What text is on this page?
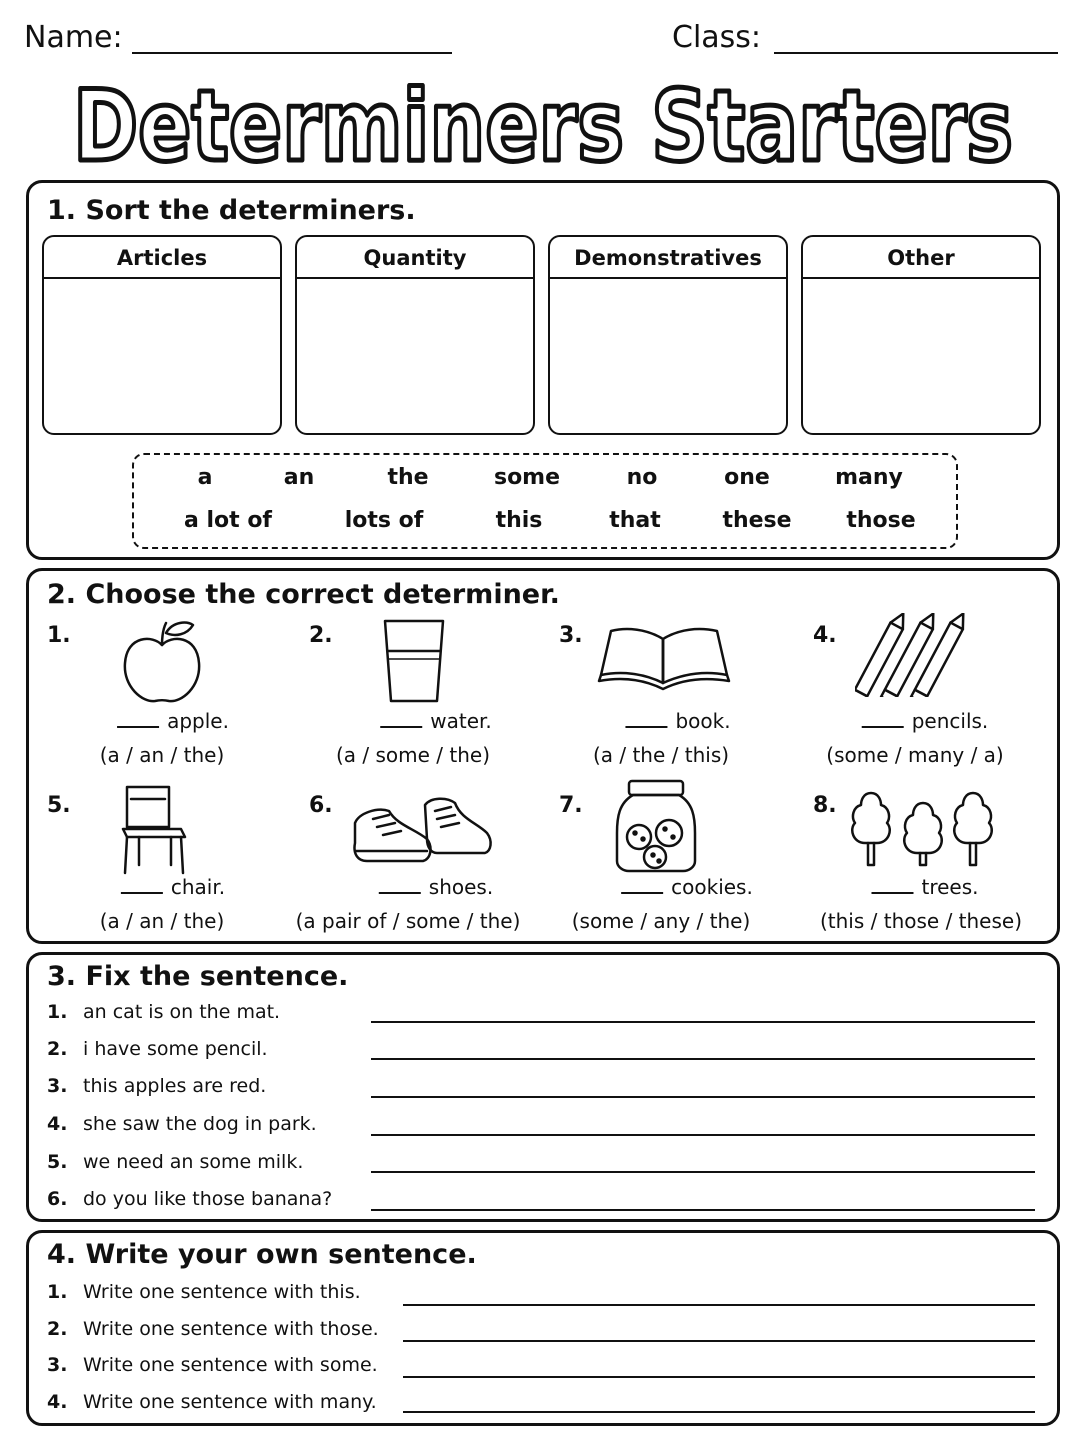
Name:	Class:
Determiners Starters
1. Sort the determiners.
Articles	Quantity	Demonstratives	Other
a	an	the	some	no	one	many
a lot of	lots of	this	that	these those
2. Choose the correct determiner.
1.
apple.
(a / an / the)
2.
water.
(a / some / the)
3.
book.
(a / the / this)
4.
pencils.
(some / many / a)
5.
chair.
(a / an / the)
6.
shoes.
(a pair of / some / the)
7.
cookies.
(some / any / the)
8.
trees.
(this / those / these)
3. Fix the sentence.
1. an cat is on the mat.
2. i have some pencil.
3. this apples are red.
4. she saw the dog in park.
5. we need an some milk.
6. do you like those banana?
4. Write your own sentence.
1. Write one sentence with this.
2. Write one sentence with those.
3. Write one sentence with some.
4. Write one sentence with many.
